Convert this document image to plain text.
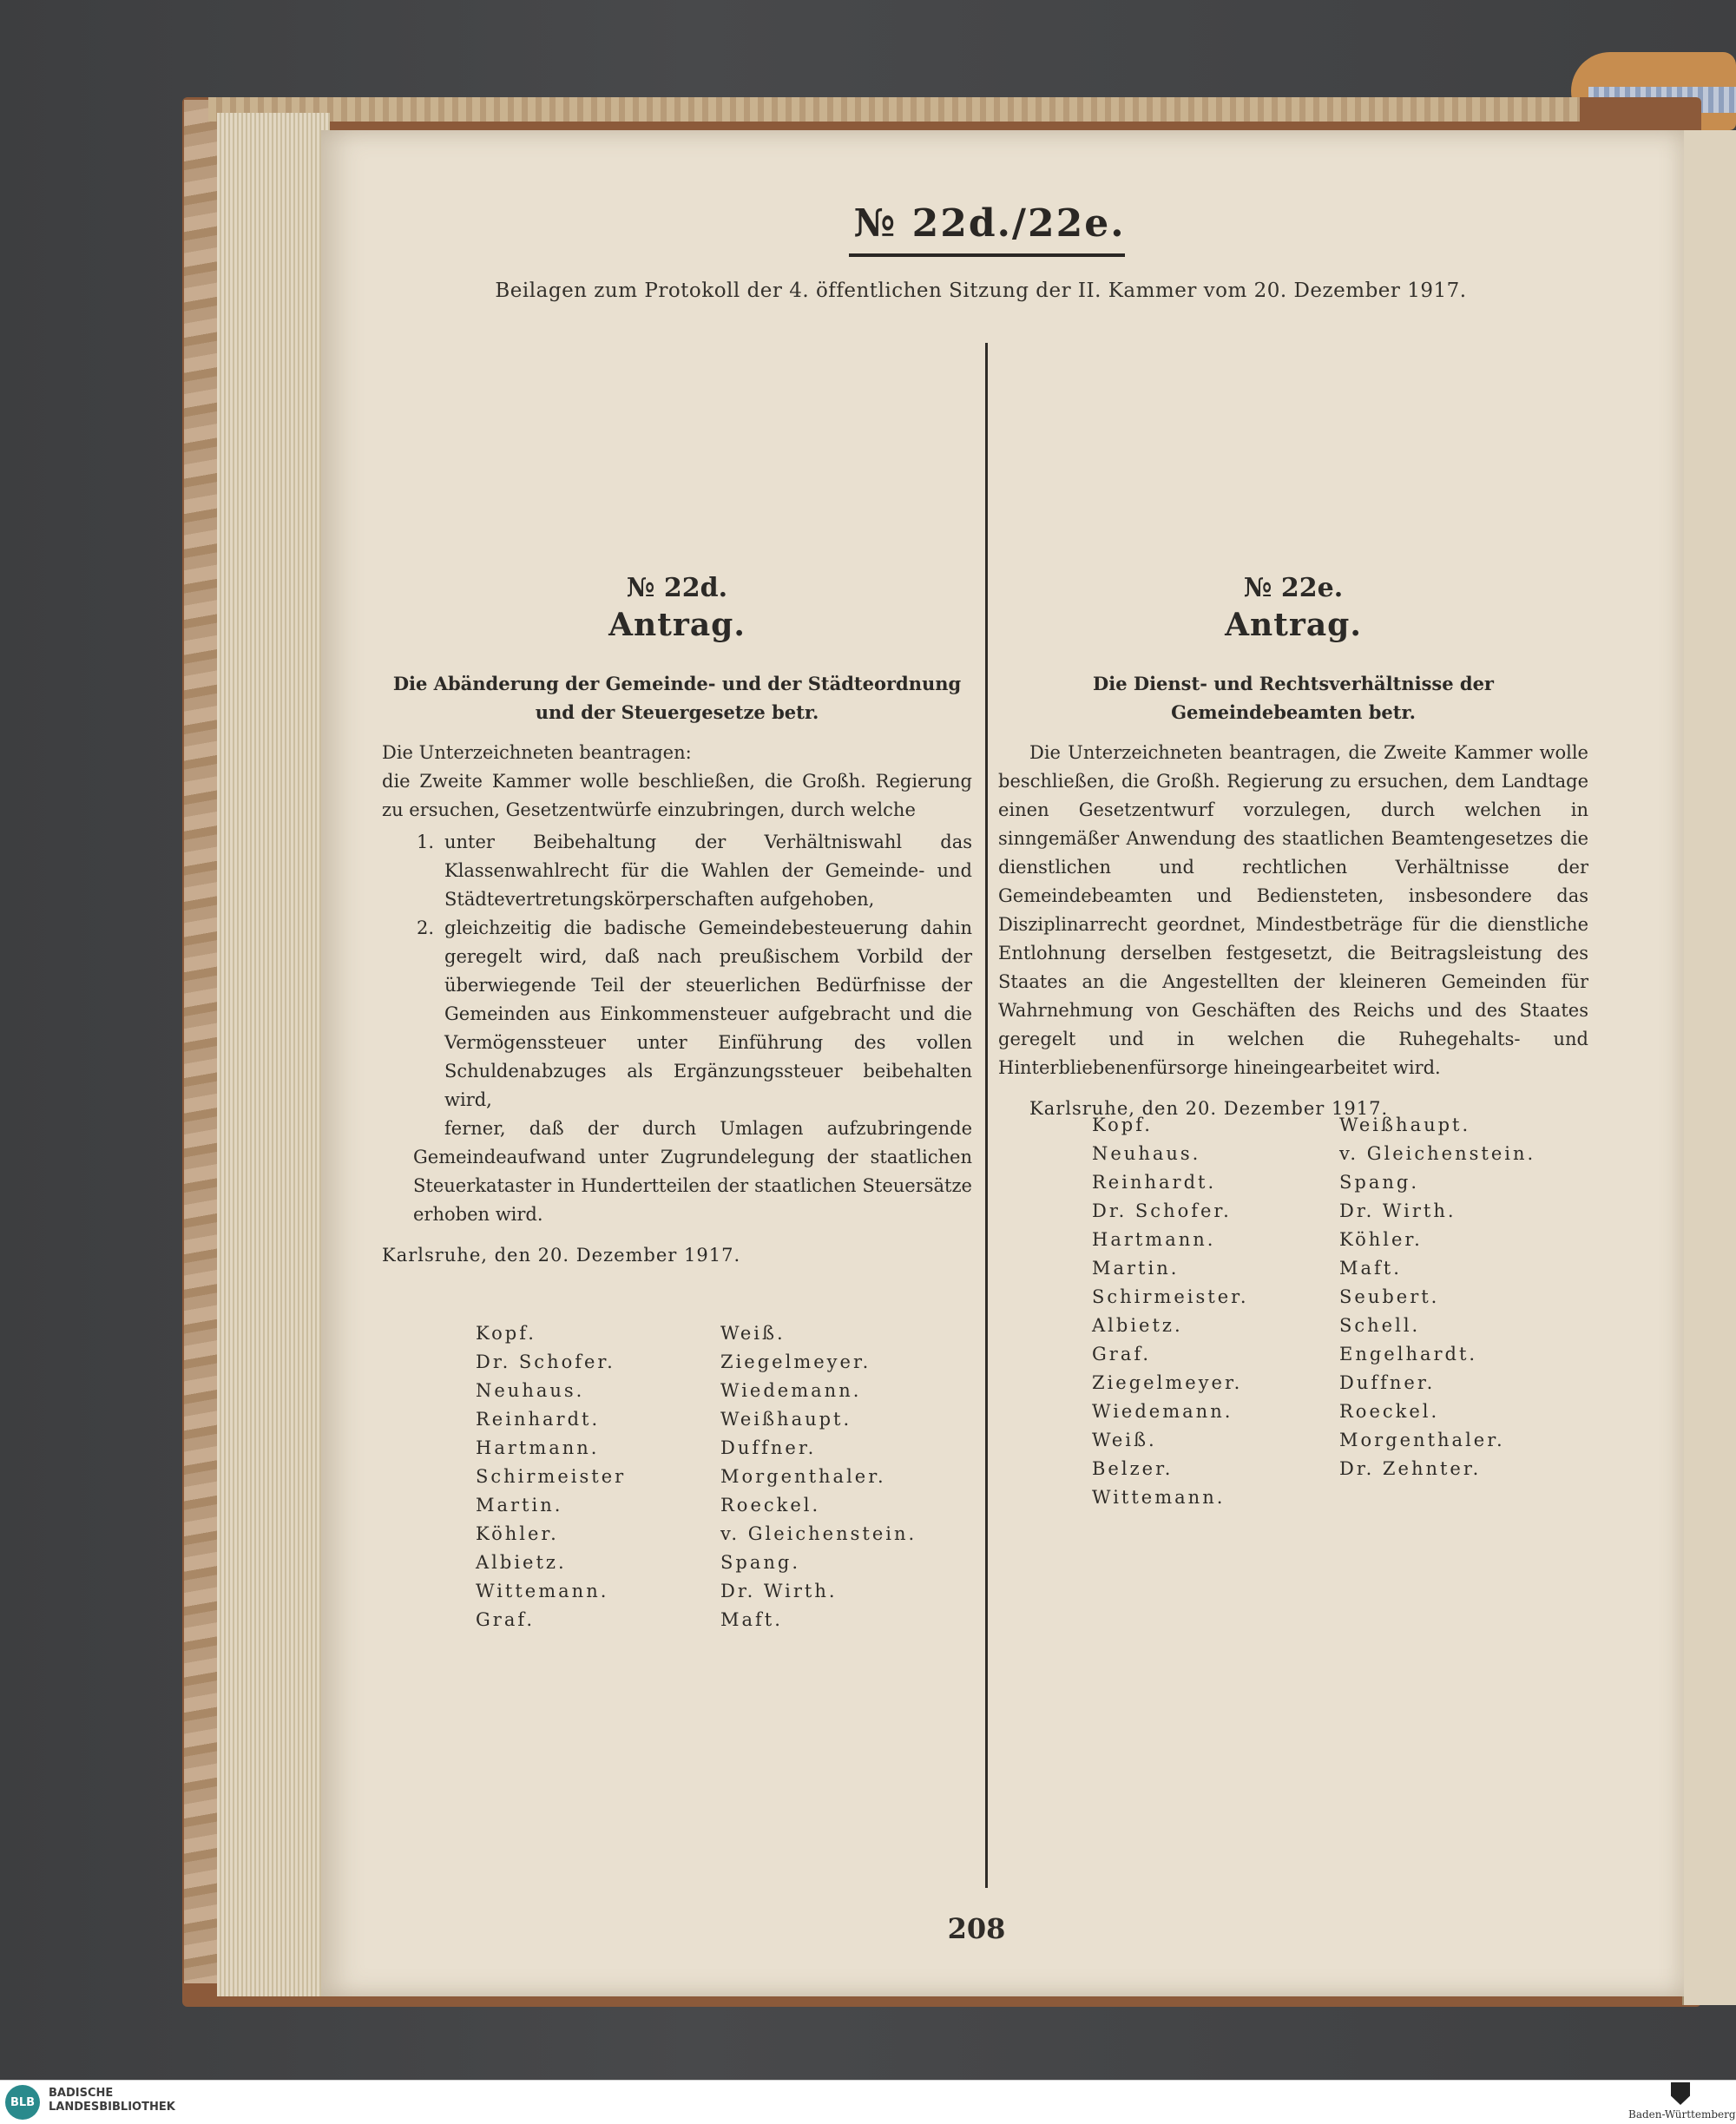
№ 22d./22e.
Beilagen zum Protokoll der 4. öffentlichen Sitzung der II. Kammer vom 20. Dezember 1917.
№ 22d.
Antrag.
Die Abänderung der Gemeinde- und der Städteordnung
und der Steuergesetze betr.
Die Unterzeichneten beantragen:
die Zweite Kammer wolle beschließen, die Großh. Regierung zu ersuchen, Gesetzentwürfe einzubringen, durch welche
1. unter Beibehaltung der Verhältniswahl das Klassenwahlrecht für die Wahlen der Gemeinde- und Städtevertretungskörperschaften aufgehoben,
2. gleichzeitig die badische Gemeindebesteuerung dahin geregelt wird, daß nach preußischem Vorbild der überwiegende Teil der steuerlichen Bedürfnisse der Gemeinden aus Einkommensteuer aufgebracht und die Vermögenssteuer unter Einführung des vollen Schuldenabzuges als Ergänzungssteuer beibehalten wird,
ferner, daß der durch Umlagen aufzubringende Gemeindeaufwand unter Zugrundelegung der staatlichen Steuerkataster in Hundertteilen der staatlichen Steuersätze erhoben wird.
Karlsruhe, den 20. Dezember 1917.
Kopf.
Dr. Schofer.
Neuhaus.
Reinhardt.
Hartmann.
Schirmeister
Martin.
Köhler.
Albietz.
Wittemann.
Graf.
Weiß.
Ziegelmeyer.
Wiedemann.
Weißhaupt.
Duffner.
Morgenthaler.
Roeckel.
v. Gleichenstein.
Spang.
Dr. Wirth.
Maft.
№ 22e.
Antrag.
Die Dienst- und Rechtsverhältnisse der Gemeindebeamten betr.
Die Unterzeichneten beantragen, die Zweite Kammer wolle beschließen, die Großh. Regierung zu ersuchen, dem Landtage einen Gesetzentwurf vorzulegen, durch welchen in sinngemäßer Anwendung des staatlichen Beamtengesetzes die dienstlichen und rechtlichen Verhältnisse der Gemeindebeamten und Bediensteten, insbesondere das Disziplinarrecht geordnet, Mindestbeträge für die dienstliche Entlohnung derselben festgesetzt, die Beitragsleistung des Staates an die Angestellten der kleineren Gemeinden für Wahrnehmung von Geschäften des Reichs und des Staates geregelt und in welchen die Ruhegehalts- und Hinterbliebenenfürsorge hineingearbeitet wird.
Karlsruhe, den 20. Dezember 1917.
Kopf.
Neuhaus.
Reinhardt.
Dr. Schofer.
Hartmann.
Martin.
Schirmeister.
Albietz.
Graf.
Ziegelmeyer.
Wiedemann.
Weiß.
Belzer.
Wittemann.
Weißhaupt.
v. Gleichenstein.
Spang.
Dr. Wirth.
Köhler.
Maft.
Seubert.
Schell.
Engelhardt.
Duffner.
Roeckel.
Morgenthaler.
Dr. Zehnter.
208
BLB
BADISCHE
LANDESBIBLIOTHEK
Baden-Württemberg
